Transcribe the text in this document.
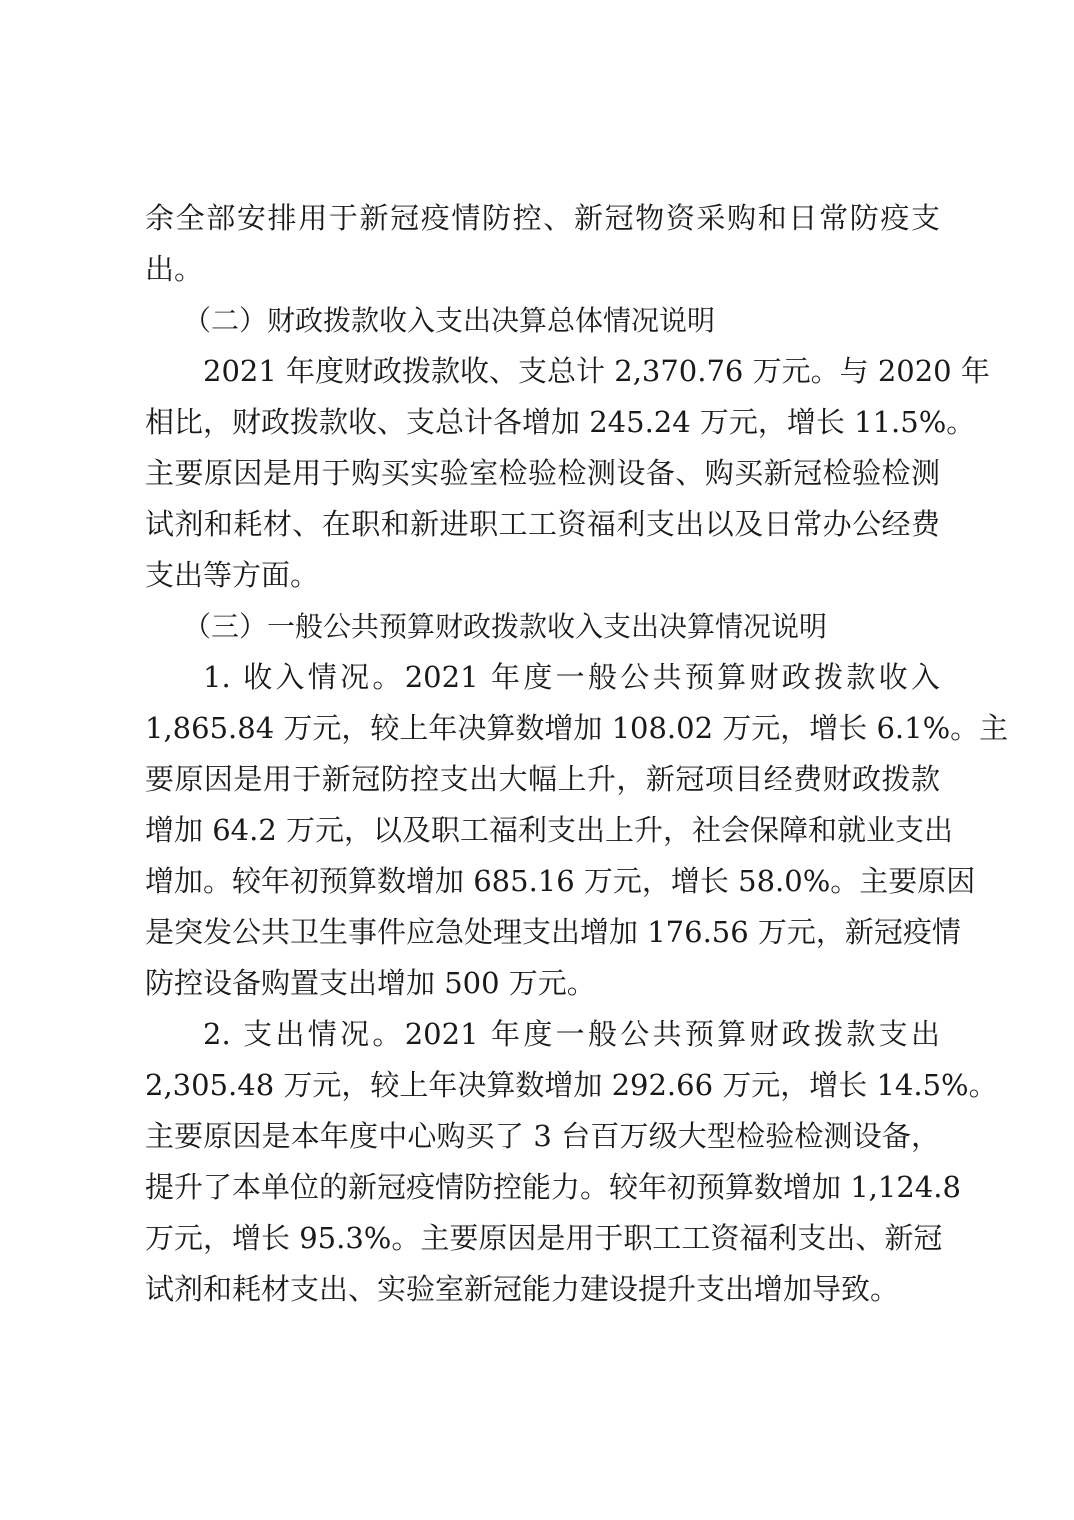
余全部安排用于新冠疫情防控、新冠物资采购和日常防疫支
出。
（二）财政拨款收入支出决算总体情况说明
2021 年度财政拨款收、支总计 2,370.76 万元。与 2020 年
相比，财政拨款收、支总计各增加 245.24 万元，增长 11.5%。
主要原因是用于购买实验室检验检测设备、购买新冠检验检测
试剂和耗材、在职和新进职工工资福利支出以及日常办公经费
支出等方面。
（三）一般公共预算财政拨款收入支出决算情况说明
1. 收入情况。2021 年度一般公共预算财政拨款收入
1,865.84 万元，较上年决算数增加 108.02 万元，增长 6.1%。主
要原因是用于新冠防控支出大幅上升，新冠项目经费财政拨款
增加 64.2 万元，以及职工福利支出上升，社会保障和就业支出
增加。较年初预算数增加 685.16 万元，增长 58.0%。主要原因
是突发公共卫生事件应急处理支出增加 176.56 万元，新冠疫情
防控设备购置支出增加 500 万元。
2. 支出情况。2021 年度一般公共预算财政拨款支出
2,305.48 万元，较上年决算数增加 292.66 万元，增长 14.5%。
主要原因是本年度中心购买了 3 台百万级大型检验检测设备，
提升了本单位的新冠疫情防控能力。较年初预算数增加 1,124.8
万元，增长 95.3%。主要原因是用于职工工资福利支出、新冠
试剂和耗材支出、实验室新冠能力建设提升支出增加导致。
